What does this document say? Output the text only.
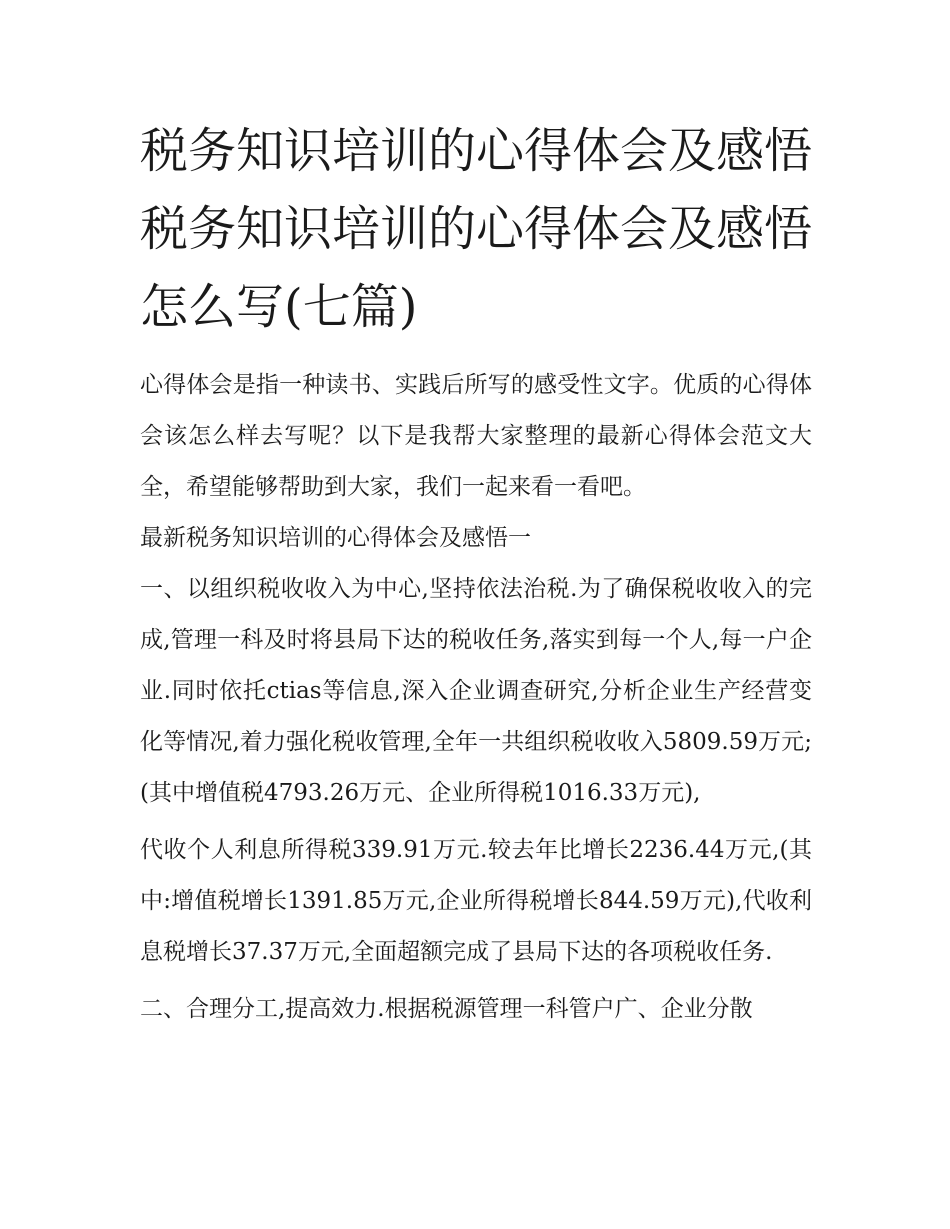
税务知识培训的心得体会及感悟 税务知识培训的心得体会及感悟怎么写(七篇)

心得体会是指一种读书、实践后所写的感受性文字。优质的心得体会该怎么样去写呢？以下是我帮大家整理的最新心得体会范文大全，希望能够帮助到大家，我们一起来看一看吧。

最新税务知识培训的心得体会及感悟一

一、以组织税收收入为中心,坚持依法治税.为了确保税收收入的完成,管理一科及时将县局下达的税收任务,落实到每一个人,每一户企业.同时依托ctias等信息,深入企业调查研究,分析企业生产经营变化等情况,着力强化税收管理,全年一共组织税收收入5809.59万元;(其中增值税4793.26万元、企业所得税1016.33万元),

代收个人利息所得税339.91万元.较去年比增长2236.44万元,(其中:增值税增长1391.85万元,企业所得税增长844.59万元),代收利息税增长37.37万元,全面超额完成了县局下达的各项税收任务.

二、合理分工,提高效力.根据税源管理一科管户广、企业分散
